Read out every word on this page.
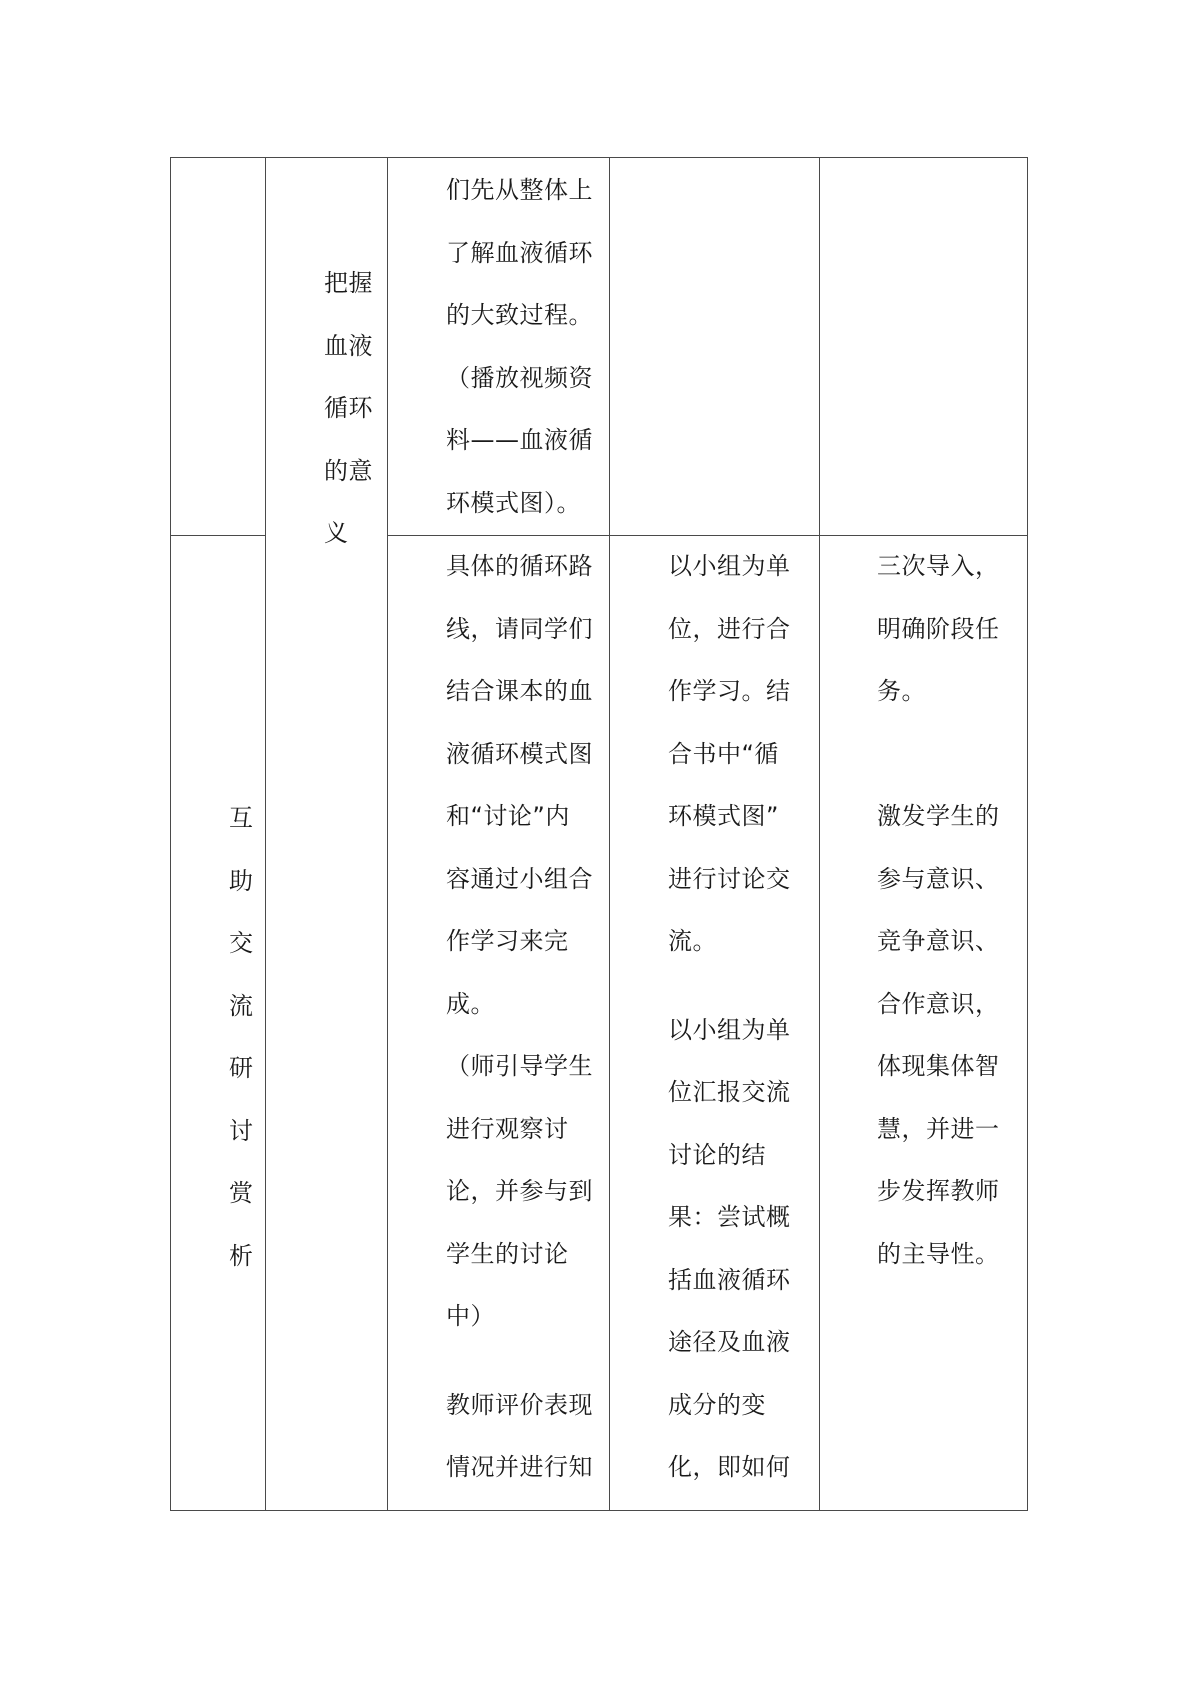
把握

血液

循环

的意

义

们先从整体上

了解血液循环

的大致过程。

（播放视频资

料——血液循

环模式图）。

互

助

交

流

研

讨

赏

析

具体的循环路

线，请同学们

结合课本的血

液循环模式图

和“讨论”内

容通过小组合

作学习来完

成。

（师引导学生

进行观察讨

论，并参与到

学生的讨论

中）

教师评价表现

情况并进行知

以小组为单

位，进行合

作学习。结

合书中“循

环模式图”

进行讨论交

流。

以小组为单

位汇报交流

讨论的结

果：尝试概

括血液循环

途径及血液

成分的变

化，即如何

三次导入，

明确阶段任

务。

激发学生的

参与意识、

竞争意识、

合作意识，

体现集体智

慧，并进一

步发挥教师

的主导性。
